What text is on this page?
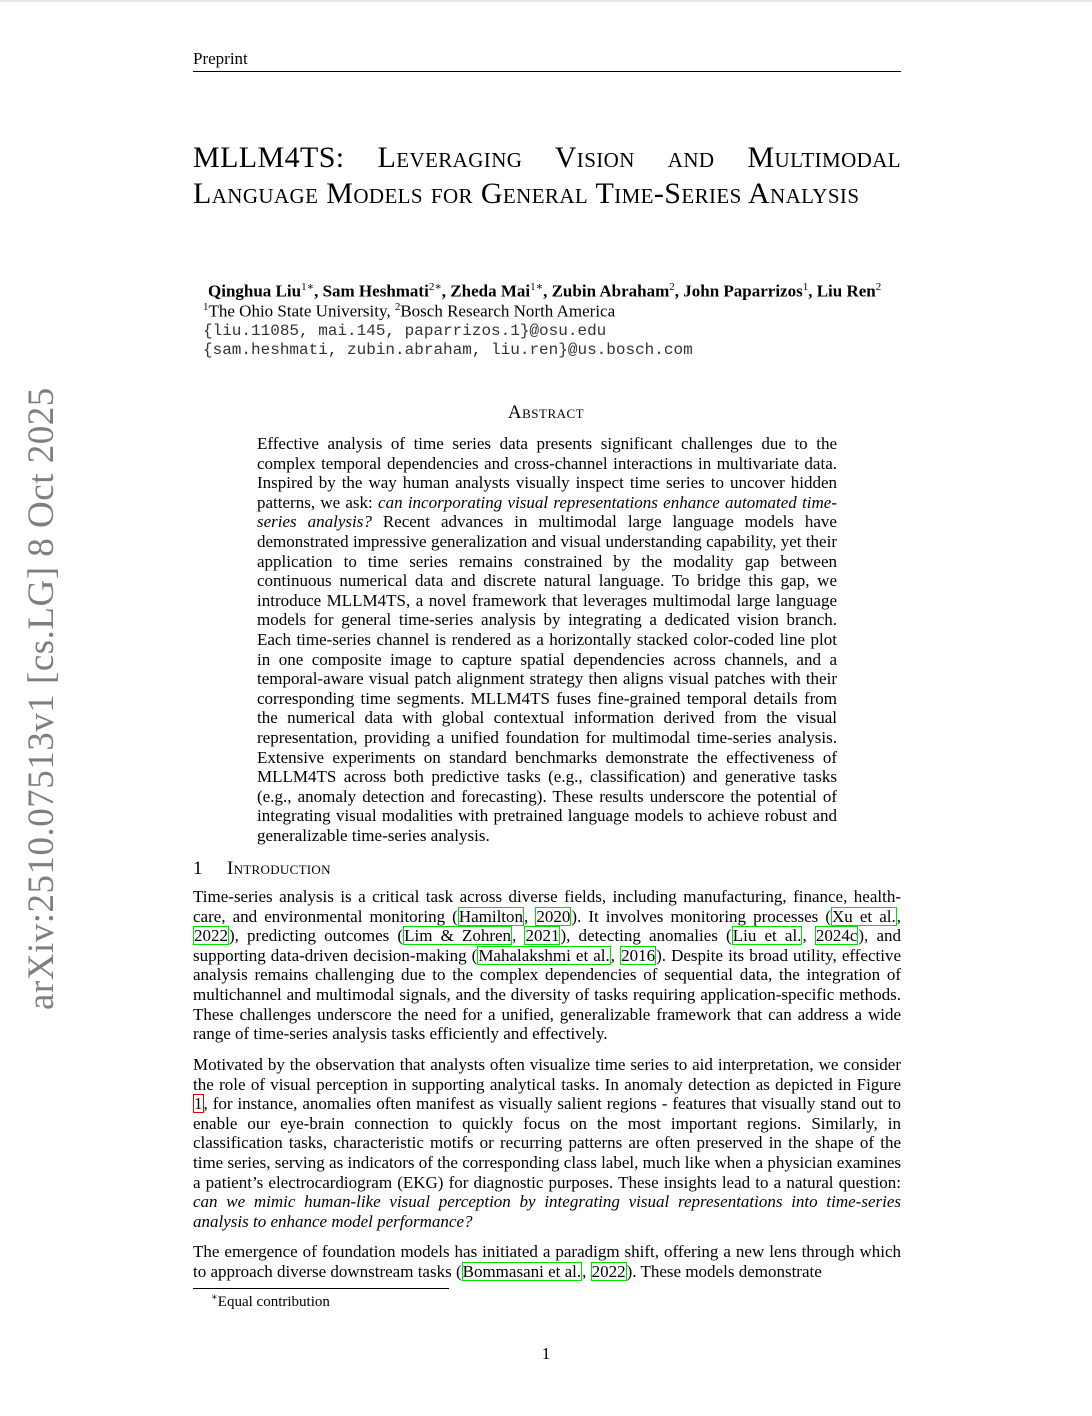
Preprint
arXiv:2510.07513v1 [cs.LG] 8 Oct 2025
MLLM4TS: Leveraging Vision and Multimodal Language Models for General Time-Series Analysis
Qinghua Liu$^{1∗}$, Sam Heshmati$^{2∗}$, Zheda Mai$^{1∗}$, Zubin Abraham$^2$, John Paparrizos$^1$, Liu Ren$^2$
$^1$The Ohio State University, $^2$Bosch Research North America
{liu.11085, mai.145, paparrizos.1}@osu.edu
{sam.heshmati, zubin.abraham, liu.ren}@us.bosch.com
Abstract
Effective analysis of time series data presents significant challenges due to the complex temporal dependencies and cross-channel interactions in multivariate data. Inspired by the way human analysts visually inspect time series to uncover hidden patterns, we ask: can incorporating visual representations enhance automated time-series analysis? Recent advances in multimodal large language models have demonstrated impressive generalization and visual understanding capability, yet their application to time series remains constrained by the modality gap between continuous numerical data and discrete natural language. To bridge this gap, we introduce MLLM4TS, a novel framework that leverages multimodal large language models for general time-series analysis by integrating a dedicated vision branch. Each time-series channel is rendered as a horizontally stacked color-coded line plot in one composite image to capture spatial dependencies across channels, and a temporal-aware visual patch alignment strategy then aligns visual patches with their corresponding time segments. MLLM4TS fuses fine-grained temporal details from the numerical data with global contextual information derived from the visual representation, providing a unified foundation for multimodal time-series analysis. Extensive experiments on standard benchmarks demonstrate the effectiveness of MLLM4TS across both predictive tasks (e.g., classification) and generative tasks (e.g., anomaly detection and forecasting). These results underscore the potential of integrating visual modalities with pretrained language models to achieve robust and generalizable time-series analysis.
1 Introduction
Time-series analysis is a critical task across diverse fields, including manufacturing, finance, health-care, and environmental monitoring (Hamilton, 2020). It involves monitoring processes (Xu et al., 2022), predicting outcomes (Lim & Zohren, 2021), detecting anomalies (Liu et al., 2024c), and supporting data-driven decision-making (Mahalakshmi et al., 2016). Despite its broad utility, effective analysis remains challenging due to the complex dependencies of sequential data, the integration of multichannel and multimodal signals, and the diversity of tasks requiring application-specific methods. These challenges underscore the need for a unified, generalizable framework that can address a wide range of time-series analysis tasks efficiently and effectively.
Motivated by the observation that analysts often visualize time series to aid interpretation, we consider the role of visual perception in supporting analytical tasks. In anomaly detection as depicted in Figure 1, for instance, anomalies often manifest as visually salient regions - features that visually stand out to enable our eye-brain connection to quickly focus on the most important regions. Similarly, in classification tasks, characteristic motifs or recurring patterns are often preserved in the shape of the time series, serving as indicators of the corresponding class label, much like when a physician examines a patient’s electrocardiogram (EKG) for diagnostic purposes. These insights lead to a natural question: can we mimic human-like visual perception by integrating visual representations into time-series analysis to enhance model performance?
The emergence of foundation models has initiated a paradigm shift, offering a new lens through which to approach diverse downstream tasks (Bommasani et al., 2022). These models demonstrate
∗Equal contribution
1
